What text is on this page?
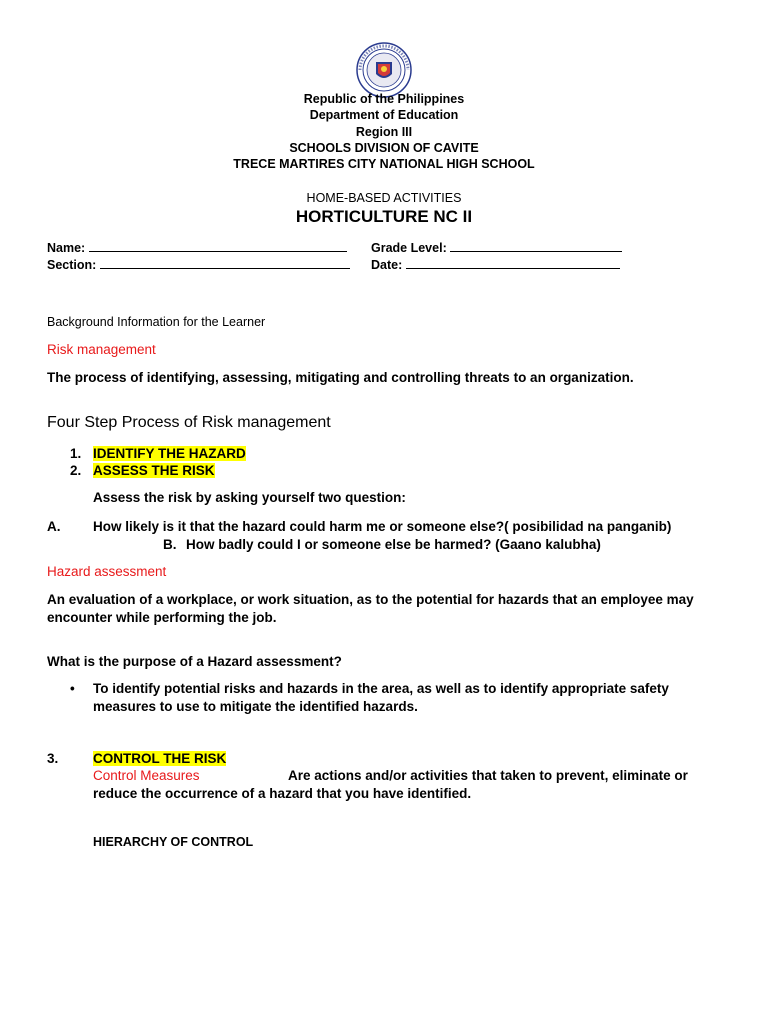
Republic of the Philippines
Department of Education
Region III
SCHOOLS DIVISION OF CAVITE
TRECE MARTIRES CITY NATIONAL HIGH SCHOOL
HOME-BASED ACTIVITIES
HORTICULTURE NC II
Name:	Grade Level:
Section:	Date:
Background Information for the Learner
Risk management
The process of identifying, assessing, mitigating and controlling threats to an organization.
Four Step Process of Risk management
1. IDENTIFY THE HAZARD
2. ASSESS THE RISK
Assess the risk by asking yourself two question:
A. How likely is it that the hazard could harm me or someone else?( posibilidad na panganib)
B. How badly could I or someone else be harmed? (Gaano kalubha)
Hazard assessment
An evaluation of a workplace, or work situation, as to the potential for hazards that an employee may
encounter while performing the job.
What is the purpose of a Hazard assessment?
• To identify potential risks and hazards in the area, as well as to identify appropriate safety
measures to use to mitigate the identified hazards.
3.	CONTROL THE RISK
Control Measures	Are actions and/or activities that taken to prevent, eliminate or
reduce the occurrence of a hazard that you have identified.
HIERARCHY OF CONTROL
